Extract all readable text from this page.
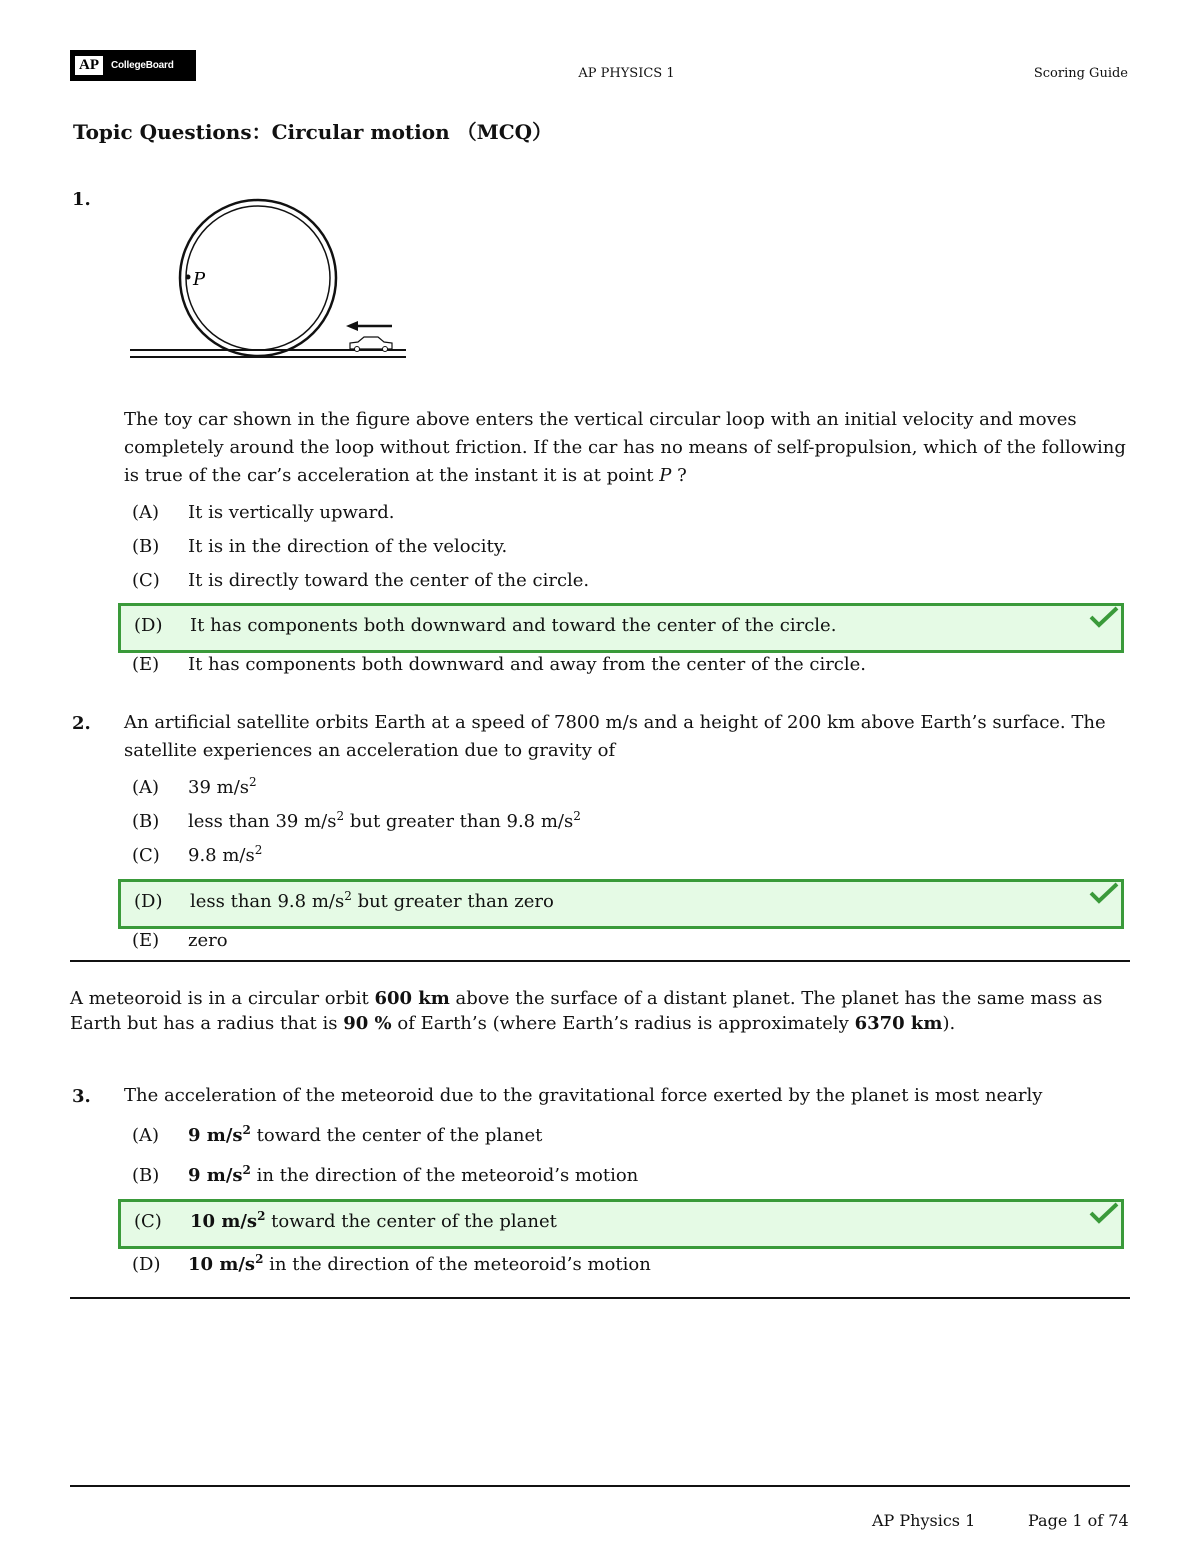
AP	CollegeBoard
AP PHYSICS 1	Scoring Guide
Topic Questions：Circular motion （MCQ）
1.
P
The toy car shown in the figure above enters the vertical circular loop with an initial velocity and moves completely around the loop without friction. If the car has no means of self-propulsion, which of the following is true of the car’s acceleration at the instant it is at point P ?
(A) It is vertically upward.
(B) It is in the direction of the velocity.
(C) It is directly toward the center of the circle.
(D) It has components both downward and toward the center of the circle.
(E) It has components both downward and away from the center of the circle.
2. An artificial satellite orbits Earth at a speed of 7800 m/s and a height of 200 km above Earth’s surface. The satellite experiences an acceleration due to gravity of
(A) 39 $m/s^2$
(B) less than 39 $m/s^2$ but greater than 9.8 $m/s^2$
(C) 9.8 $m/s^2$
(D) less than 9.8 $m/s^2$ but greater than zero
(E) zero
A meteoroid is in a circular orbit 600 km above the surface of a distant planet. The planet has the same mass as Earth but has a radius that is 90 % of Earth’s (where Earth’s radius is approximately 6370 km).
3. The acceleration of the meteoroid due to the gravitational force exerted by the planet is most nearly
(A) 9 $m/s^2$ toward the center of the planet
(B) 9 $m/s^2$ in the direction of the meteoroid’s motion
(C) 10 $m/s^2$ toward the center of the planet
(D) 10 $m/s^2$ in the direction of the meteoroid’s motion
AP Physics 1	Page 1 of 74
